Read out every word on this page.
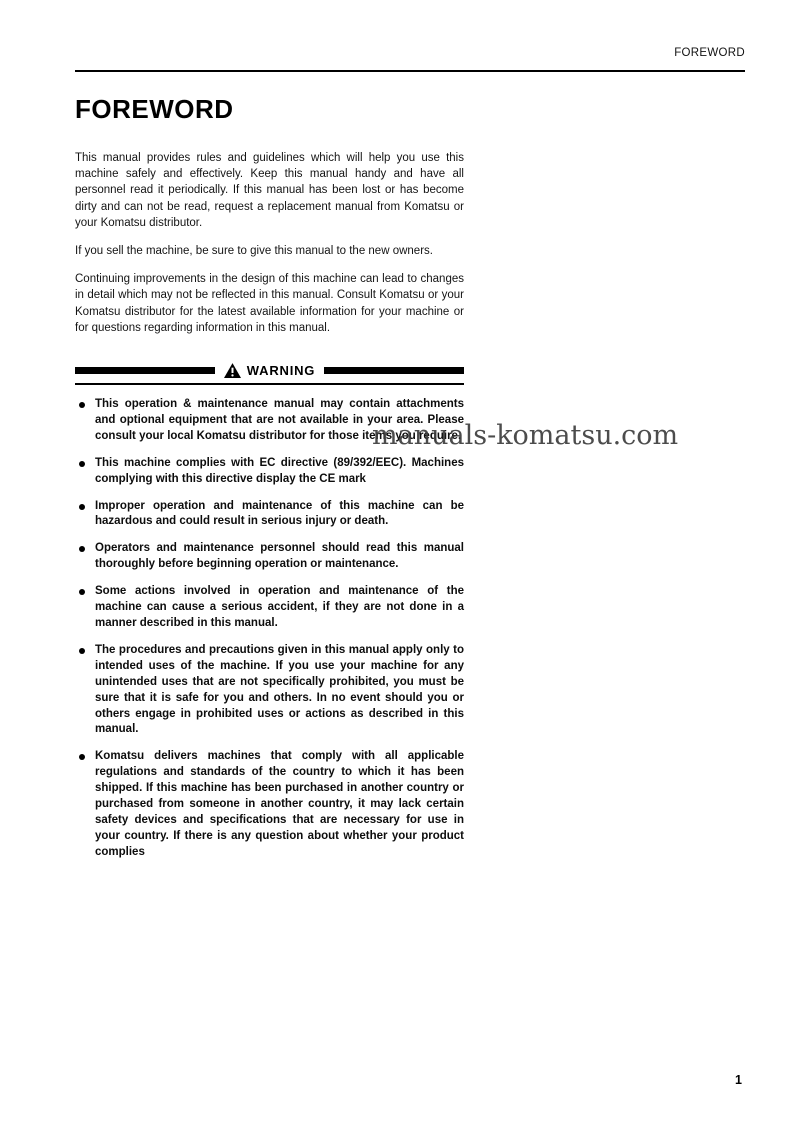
FOREWORD
FOREWORD

This manual provides rules and guidelines which will help you use this machine safely and effectively. Keep this manual handy and have all personnel read it periodically. If this manual has been lost or has become dirty and can not be read, request a replacement manual from Komatsu or your Komatsu distributor.

If you sell the machine, be sure to give this manual to the new owners.

Continuing improvements in the design of this machine can lead to changes in detail which may not be reflected in this manual. Consult Komatsu or your Komatsu distributor for the latest available information for your machine or for questions regarding information in this manual.

WARNING

This operation & maintenance manual may contain attachments and optional equipment that are not available in your area. Please consult your local Komatsu distributor for those items you require.

This machine complies with EC directive (89/392/EEC). Machines complying with this directive display the CE mark

Improper operation and maintenance of this machine can be hazardous and could result in serious injury or death.

Operators and maintenance personnel should read this manual thoroughly before beginning operation or maintenance.

Some actions involved in operation and maintenance of the machine can cause a serious accident, if they are not done in a manner described in this manual.

The procedures and precautions given in this manual apply only to intended uses of the machine. If you use your machine for any unintended uses that are not specifically prohibited, you must be sure that it is safe for you and others. In no event should you or others engage in prohibited uses or actions as described in this manual.

Komatsu delivers machines that comply with all applicable regulations and standards of the country to which it has been shipped. If this machine has been purchased in another country or purchased from someone in another country, it may lack certain safety devices and specifications that are necessary for use in your country. If there is any question about whether your product complies

manuals-komatsu.com
1
